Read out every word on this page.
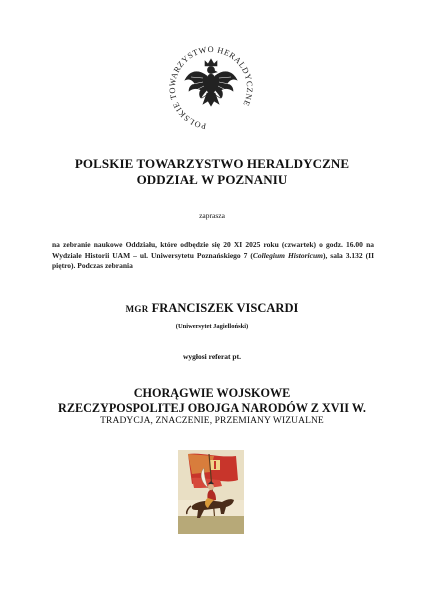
POLSKIE TOWARZYSTWO HERALDYCZNE
POLSKIE TOWARZYSTWO HERALDYCZNE
ODDZIAŁ W POZNANIU
zaprasza
na zebranie naukowe Oddziału, które odbędzie się 20 XI 2025 roku (czwartek) o godz. 16.00 na Wydziale Historii UAM – ul. Uniwersytetu Poznańskiego 7 (Collegium Historicum), sala 3.132 (II piętro). Podczas zebrania
MGR FRANCISZEK VISCARDI
(Uniwersytet Jagielloński)
wygłosi referat pt.
CHORĄGWIE WOJSKOWE
RZECZYPOSPOLITEJ OBOJGA NARODÓW Z XVII W.
TRADYCJA, ZNACZENIE, PRZEMIANY WIZUALNE
